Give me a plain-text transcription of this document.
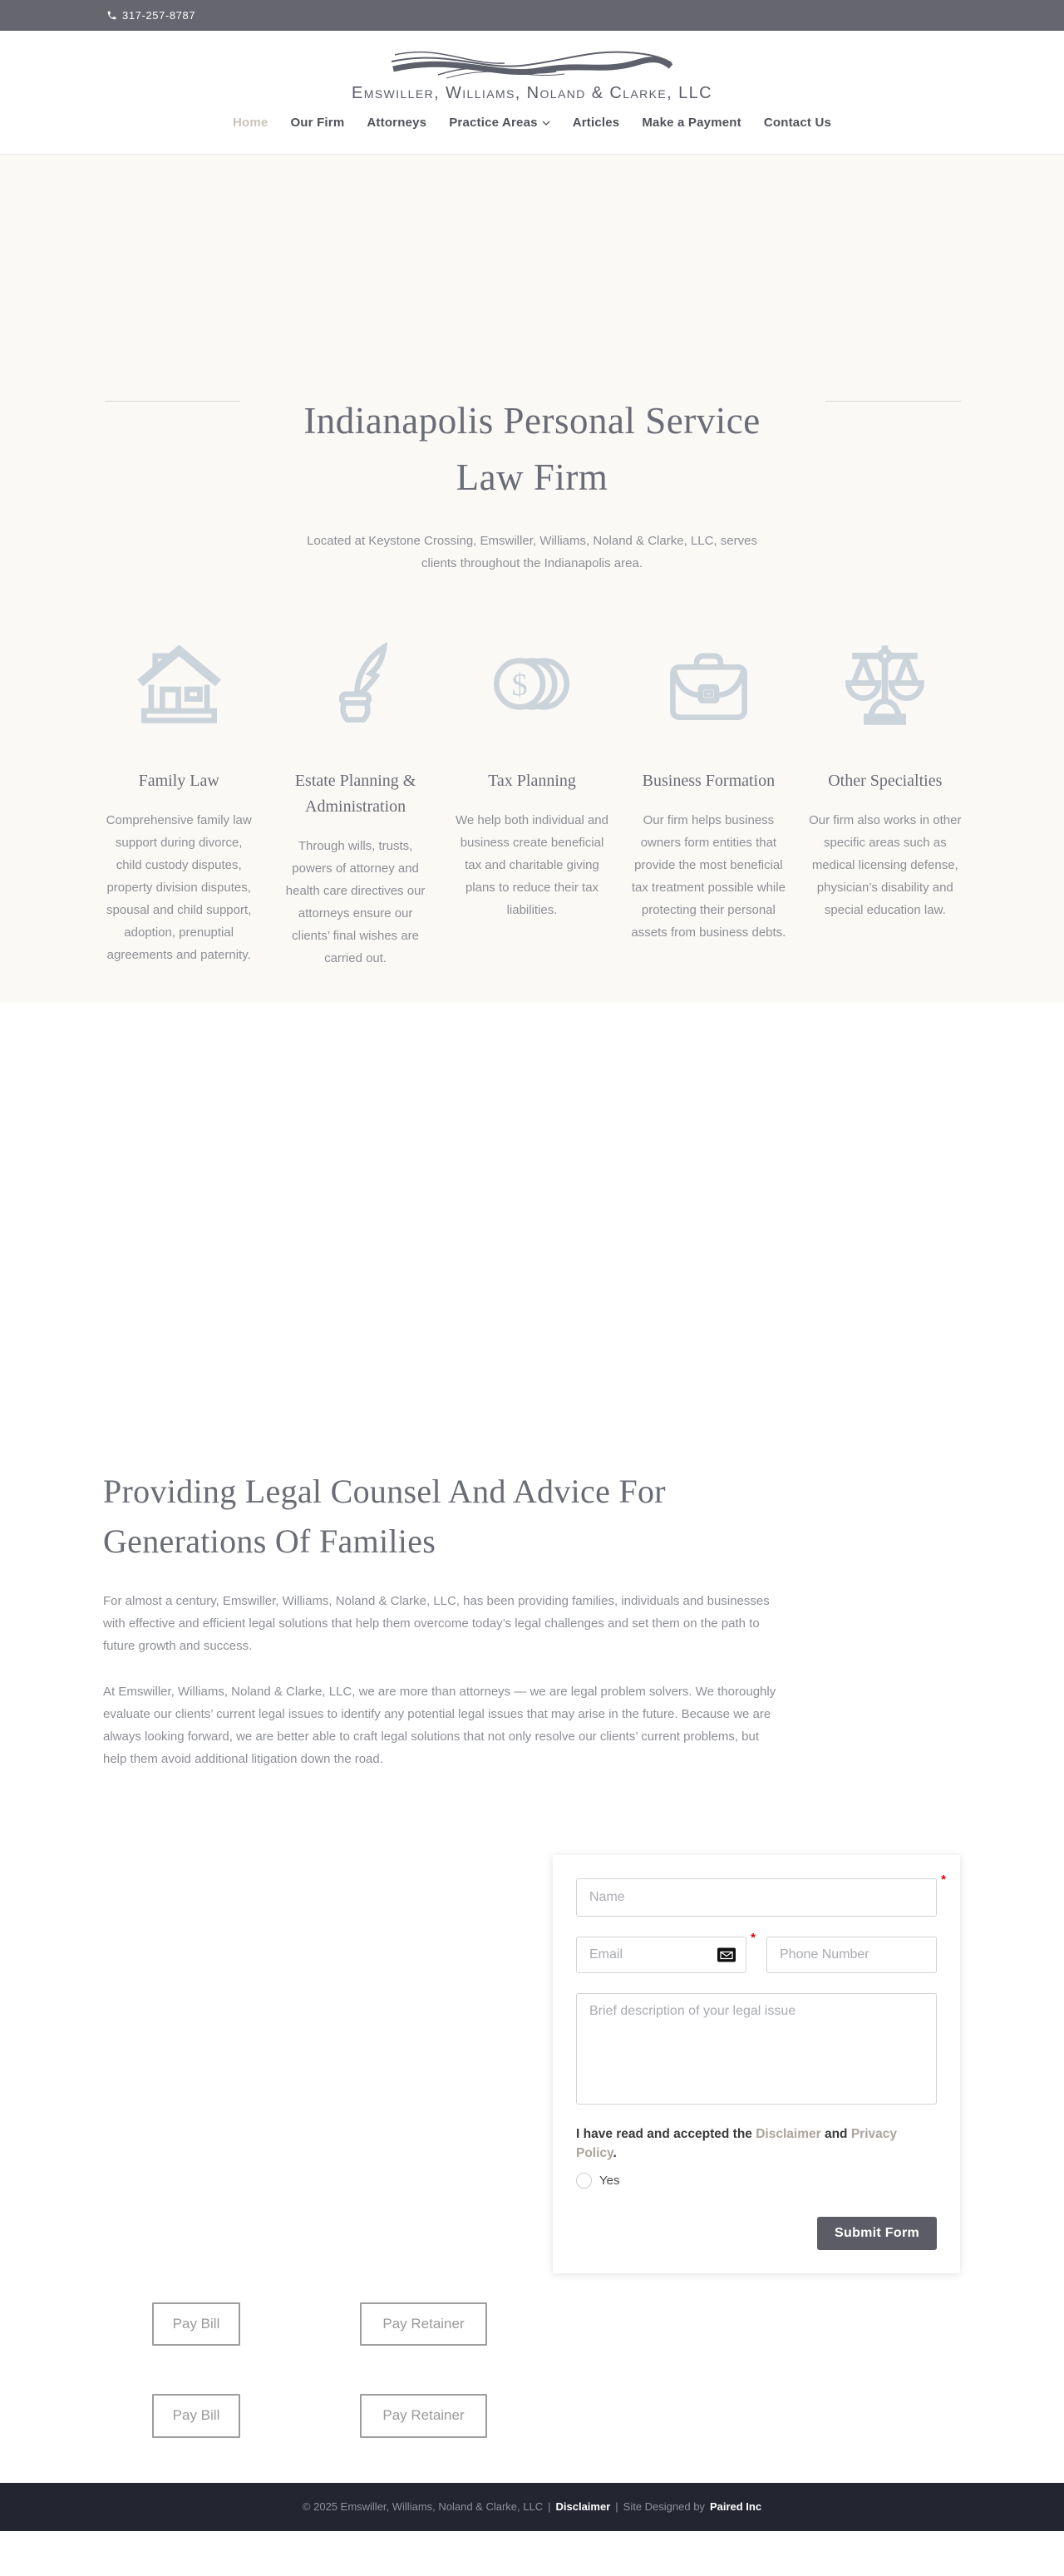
317-257-8787
Emswiller, Williams, Noland & Clarke, LLC
Home Our Firm Attorneys Practice Areas	Articles Make a Payment Contact Us
Indianapolis Personal Service
Law Firm

Located at Keystone Crossing, Emswiller, Williams, Noland & Clarke, LLC, serves clients throughout the Indianapolis area.

Family Law

Comprehensive family law support during divorce, child custody disputes, property division disputes, spousal and child support, adoption, prenuptial agreements and paternity.

Estate Planning & Administration

Through wills, trusts, powers of attorney and health care directives our attorneys ensure our clients’ final wishes are carried out.

$
Tax Planning

We help both individual and business create beneficial tax and charitable giving plans to reduce their tax liabilities.

Business Formation

Our firm helps business owners form entities that provide the most beneficial tax treatment possible while protecting their personal assets from business debts.

Other Specialties

Our firm also works in other specific areas such as medical licensing defense, physician’s disability and special education law.

Providing Legal Counsel And Advice For Generations Of Families

For almost a century, Emswiller, Williams, Noland & Clarke, LLC, has been providing families, individuals and businesses with effective and efficient legal solutions that help them overcome today’s legal challenges and set them on the path to future growth and success.

At Emswiller, Williams, Noland & Clarke, LLC, we are more than attorneys — we are legal problem solvers. We thoroughly evaluate our clients’ current legal issues to identify any potential legal issues that may arise in the future. Because we are always looking forward, we are better able to craft legal solutions that not only resolve our clients’ current problems, but help them avoid additional litigation down the road.

Name
*
Email
*
Phone Number
Brief description of your legal issue
I have read and accepted the Disclaimer and Privacy Policy.
Yes
Submit Form
Pay Bill	Pay Retainer
Pay Bill	Pay Retainer
© 2025 Emswiller, Williams, Noland & Clarke, LLC | Disclaimer | Site Designed by Paired Inc
